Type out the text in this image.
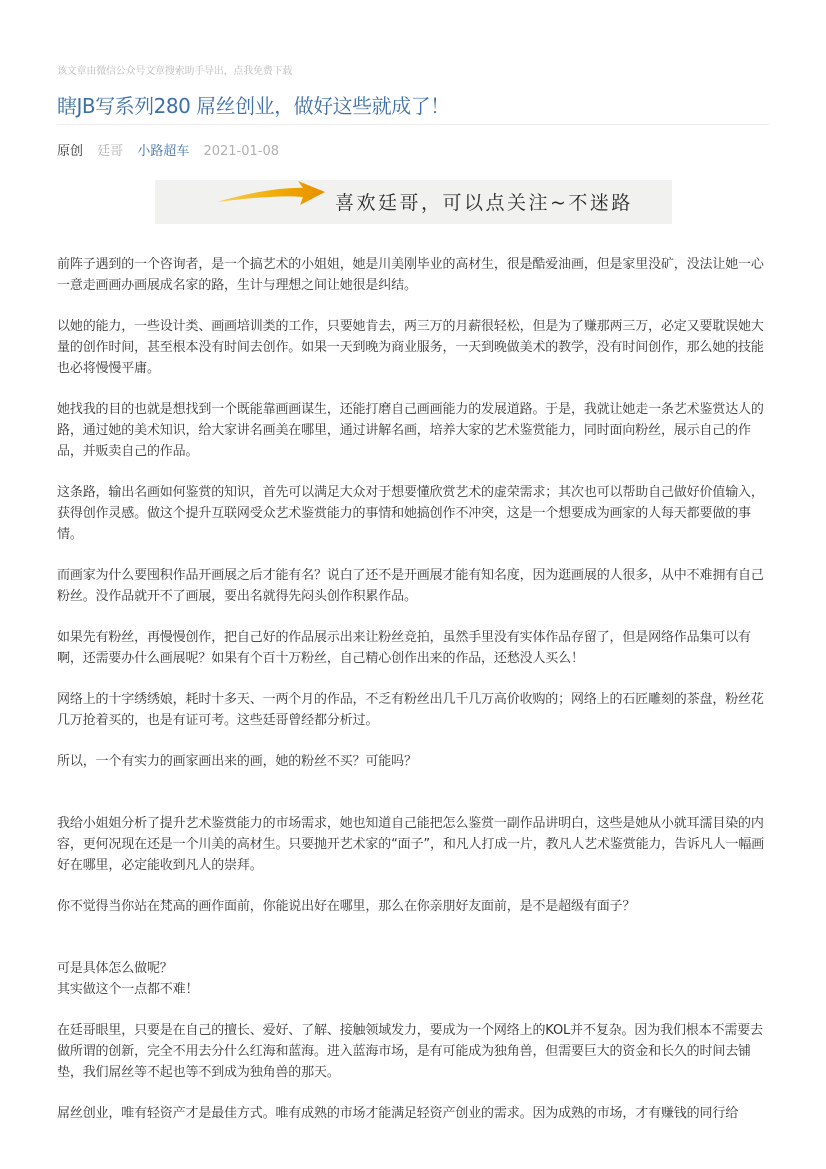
该文章由微信公众号文章搜索助手导出，点我免费下载
瞎JB写系列280 屌丝创业，做好这些就成了！
原创 廷哥 小路超车 2021-01-08
喜欢廷哥，可以点关注~不迷路

前阵子遇到的一个咨询者，是一个搞艺术的小姐姐，她是川美刚毕业的高材生，很是酷爱油画，但是家里没矿，没法让她一心一意走画画办画展成名家的路，生计与理想之间让她很是纠结。

以她的能力，一些设计类、画画培训类的工作，只要她肯去，两三万的月薪很轻松，但是为了赚那两三万，必定又要耽误她大量的创作时间，甚至根本没有时间去创作。如果一天到晚为商业服务，一天到晚做美术的教学，没有时间创作，那么她的技能也必将慢慢平庸。

她找我的目的也就是想找到一个既能靠画画谋生，还能打磨自己画画能力的发展道路。于是，我就让她走一条艺术鉴赏达人的路，通过她的美术知识，给大家讲名画美在哪里，通过讲解名画，培养大家的艺术鉴赏能力，同时面向粉丝，展示自己的作品，并贩卖自己的作品。

这条路，输出名画如何鉴赏的知识，首先可以满足大众对于想要懂欣赏艺术的虚荣需求；其次也可以帮助自己做好价值输入，获得创作灵感。做这个提升互联网受众艺术鉴赏能力的事情和她搞创作不冲突，这是一个想要成为画家的人每天都要做的事情。

而画家为什么要囤积作品开画展之后才能有名？说白了还不是开画展才能有知名度，因为逛画展的人很多，从中不难拥有自己粉丝。没作品就开不了画展，要出名就得先闷头创作积累作品。

如果先有粉丝，再慢慢创作，把自己好的作品展示出来让粉丝竞拍，虽然手里没有实体作品存留了，但是网络作品集可以有啊，还需要办什么画展呢？如果有个百十万粉丝，自己精心创作出来的作品，还愁没人买么！

网络上的十字绣绣娘，耗时十多天、一两个月的作品，不乏有粉丝出几千几万高价收购的；网络上的石匠雕刻的茶盘，粉丝花几万抢着买的，也是有证可考。这些廷哥曾经都分析过。

所以，一个有实力的画家画出来的画，她的粉丝不买？可能吗？

我给小姐姐分析了提升艺术鉴赏能力的市场需求，她也知道自己能把怎么鉴赏一副作品讲明白，这些是她从小就耳濡目染的内容，更何况现在还是一个川美的高材生。只要抛开艺术家的“面子”，和凡人打成一片，教凡人艺术鉴赏能力，告诉凡人一幅画好在哪里，必定能收到凡人的崇拜。

你不觉得当你站在梵高的画作面前，你能说出好在哪里，那么在你亲朋好友面前，是不是超级有面子？

可是具体怎么做呢？

其实做这个一点都不难！

在廷哥眼里，只要是在自己的擅长、爱好、了解、接触领域发力，要成为一个网络上的KOL并不复杂。因为我们根本不需要去做所谓的创新，完全不用去分什么红海和蓝海。进入蓝海市场，是有可能成为独角兽，但需要巨大的资金和长久的时间去铺垫，我们屌丝等不起也等不到成为独角兽的那天。

屌丝创业，唯有轻资产才是最佳方式。唯有成熟的市场才能满足轻资产创业的需求。因为成熟的市场，才有赚钱的同行给
